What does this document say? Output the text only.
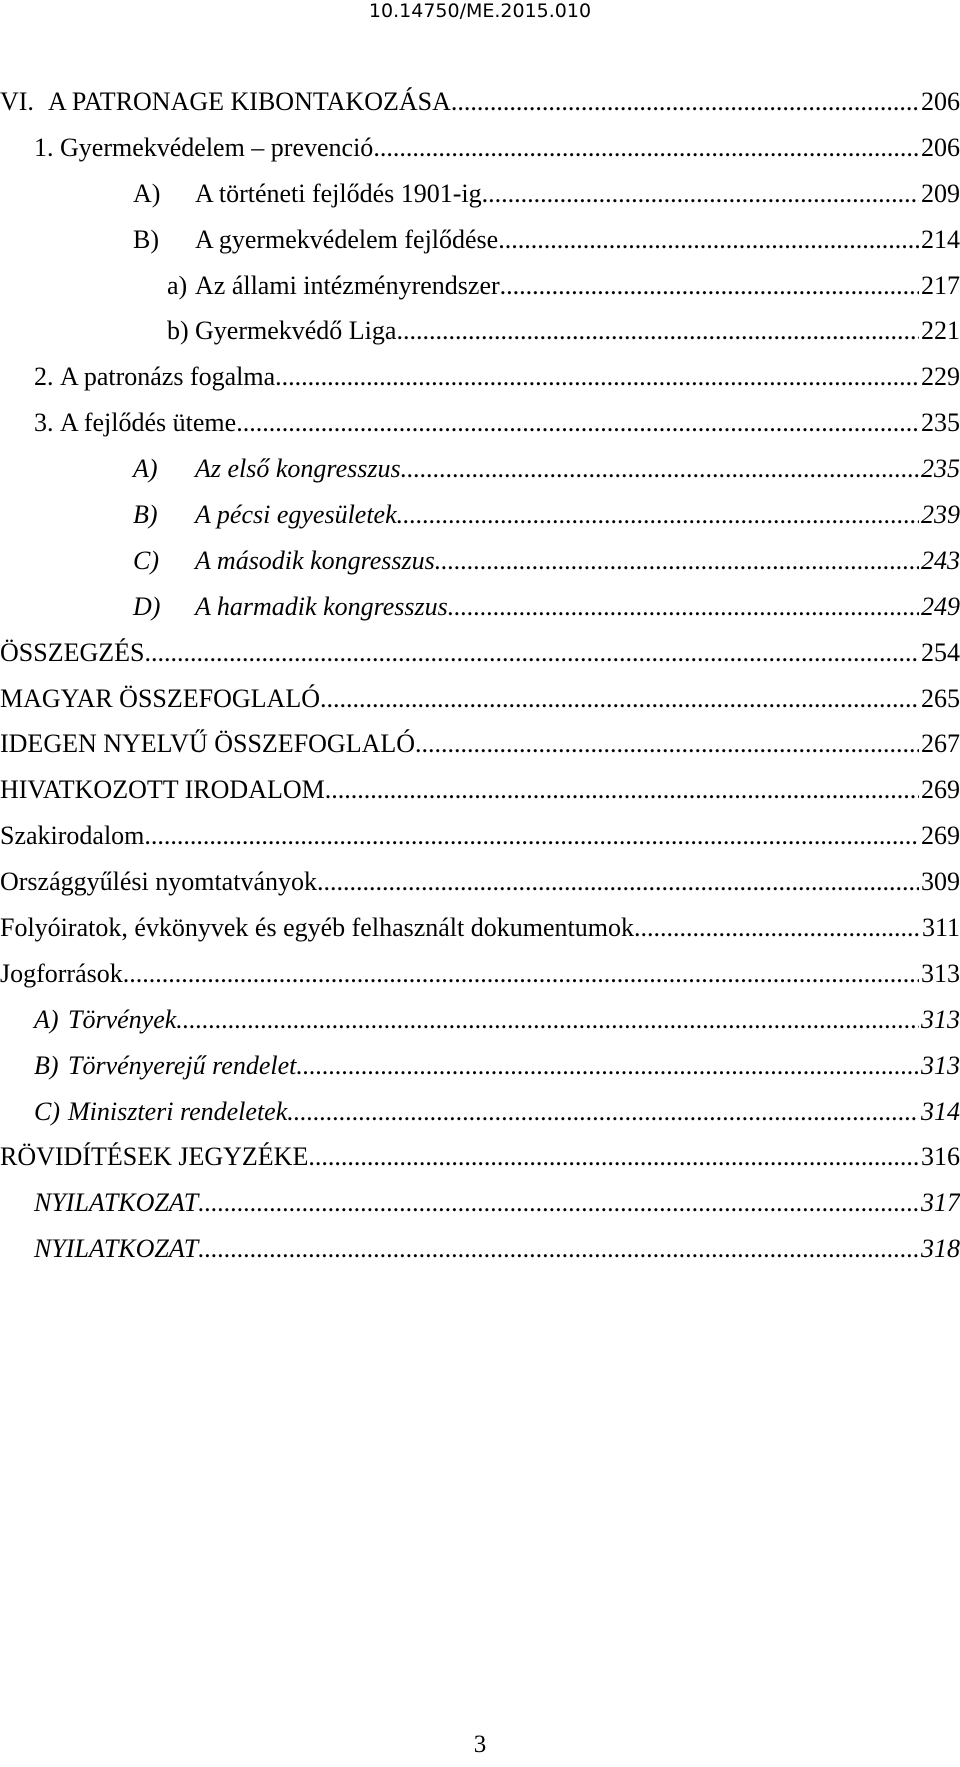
10.14750/ME.2015.010
VI. A PATRONAGE KIBONTAKOZÁSA .....	206
1. Gyermekvédelem – prevenció .....	206
A)	A történeti fejlődés 1901-ig .....	209
B)	A gyermekvédelem fejlődése .....	214
a) Az állami intézményrendszer .....	217
b) Gyermekvédő Liga .....	221
2. A patronázs fogalma .....	229
3. A fejlődés üteme .....	235
A)	Az első kongresszus .....	235
B)	A pécsi egyesületek .....	239
C)	A második kongresszus .....	243
D)	A harmadik kongresszus .....	249
ÖSSZEGZÉS .....	254
MAGYAR ÖSSZEFOGLALÓ .....	265
IDEGEN NYELVŰ ÖSSZEFOGLALÓ .....	267
HIVATKOZOTT IRODALOM .....	269
Szakirodalom .....	269
Országgyűlési nyomtatványok .....	309
Folyóiratok, évkönyvek és egyéb felhasznált dokumentumok .....	311
Jogforrások .....	313
A) Törvények .....	313
B) Törvényerejű rendelet .....	313
C) Miniszteri rendeletek .....	314
RÖVIDÍTÉSEK JEGYZÉKE .....	316
NYILATKOZAT .....	317
NYILATKOZAT .....	318
3
